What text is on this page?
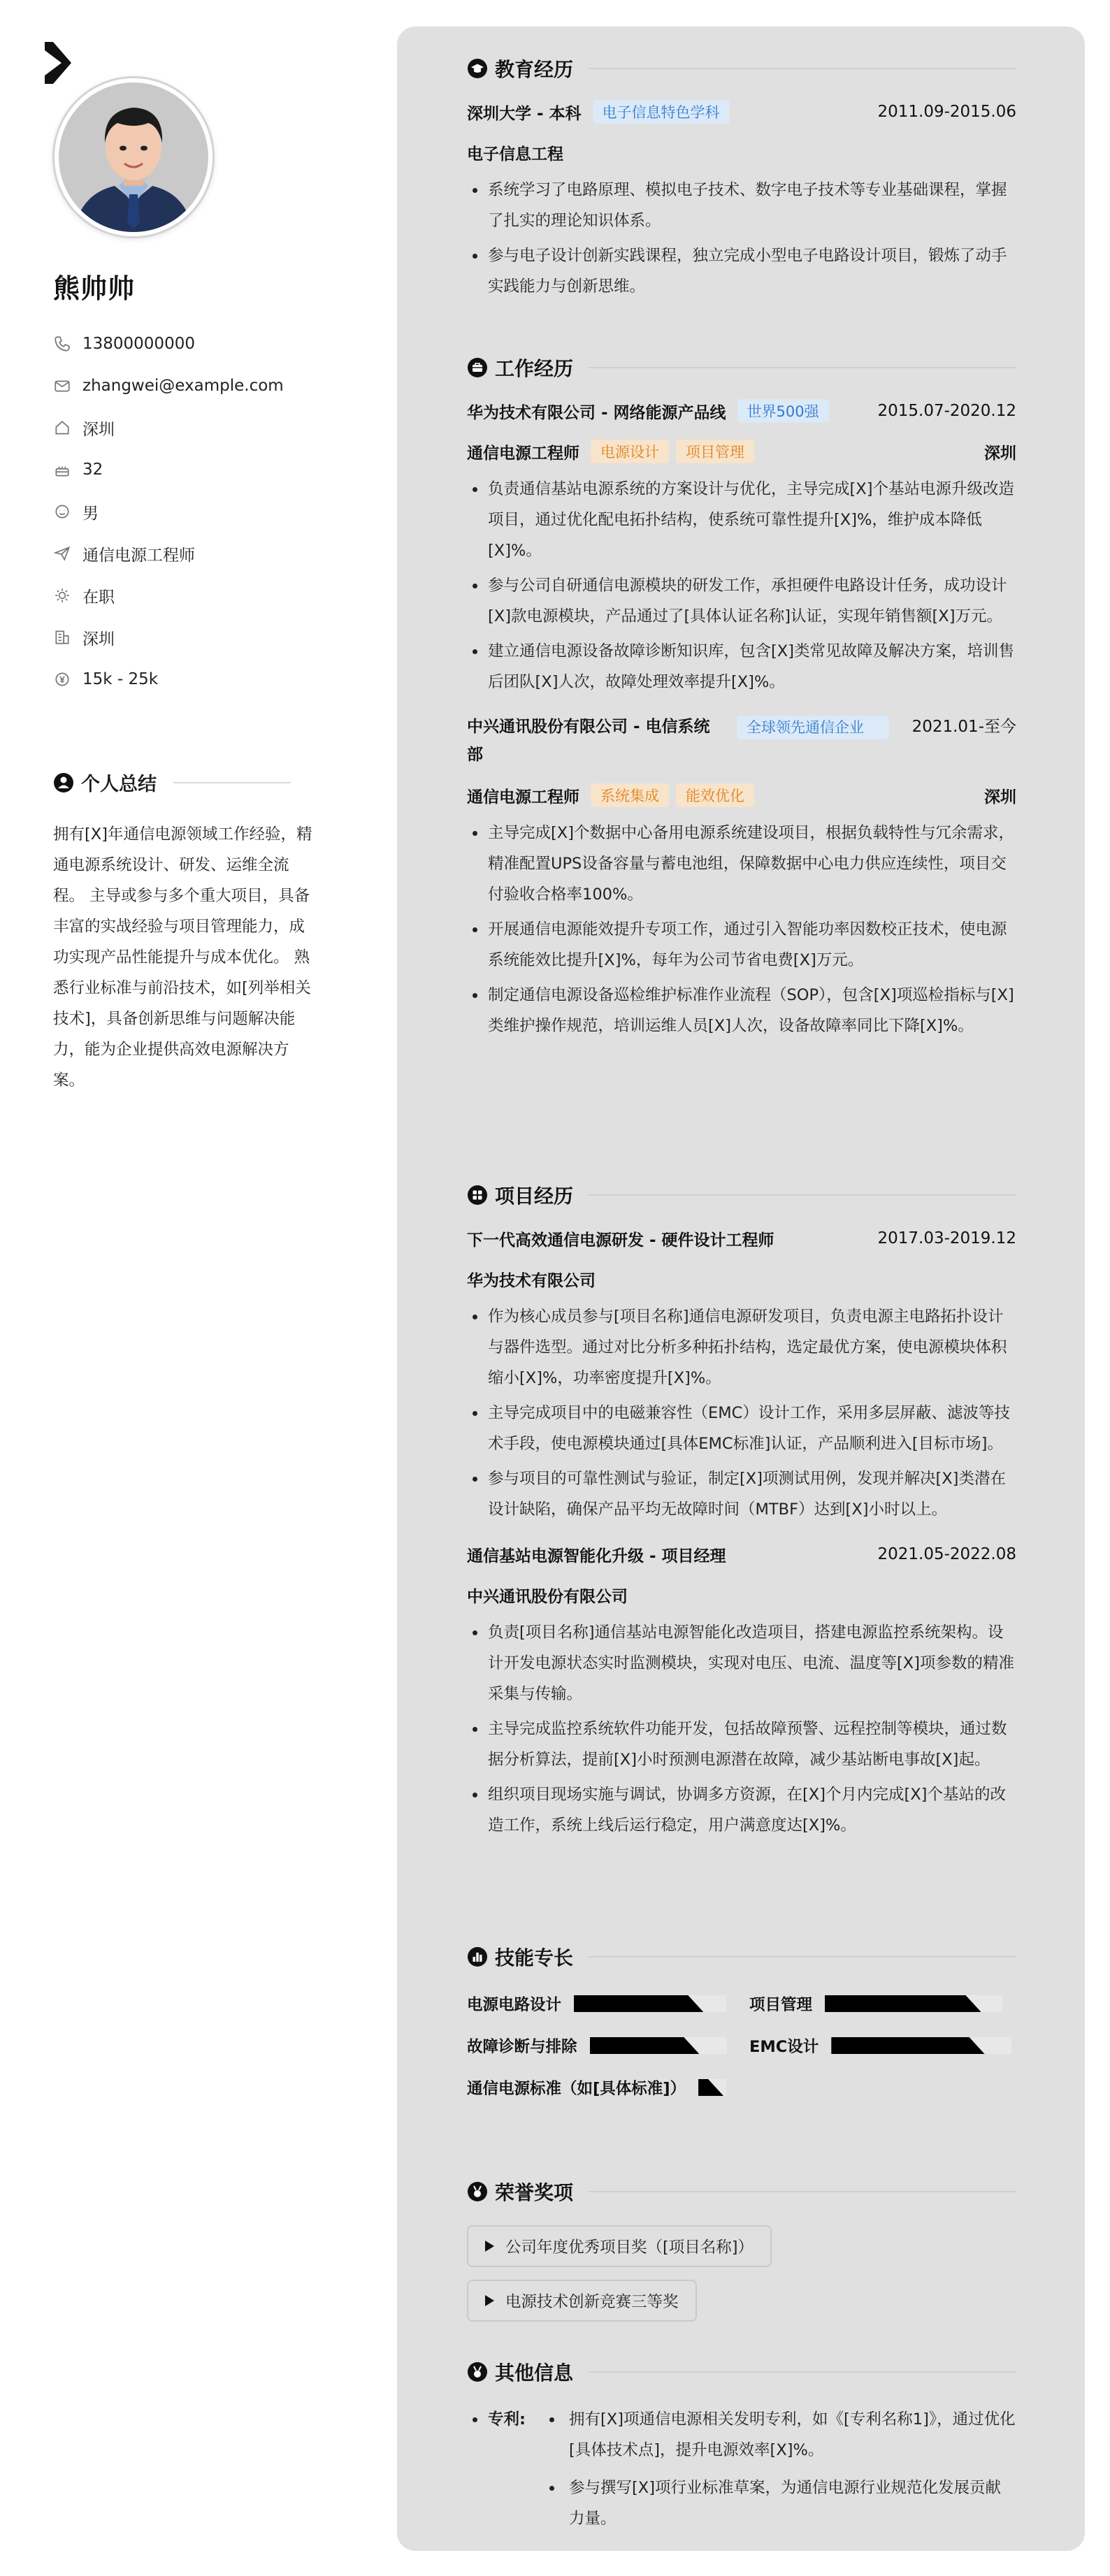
熊帅帅
13800000000
zhangwei@example.com
深圳
32
男
通信电源工程师
在职
深圳
15k - 25k
个人总结

拥有[X]年通信电源领域工作经验，精通电源系统设计、研发、运维全流程。 主导或参与多个重大项目，具备丰富的实战经验与项目管理能力，成功实现产品性能提升与成本优化。 熟悉行业标准与前沿技术，如[列举相关技术]，具备创新思维与问题解决能力，能为企业提供高效电源解决方案。

教育经历
深圳大学 - 本科	电子信息特色学科	2011.09-2015.06
电子信息工程
系统学习了电路原理、模拟电子技术、数字电子技术等专业基础课程，掌握了扎实的理论知识体系。
参与电子设计创新实践课程，独立完成小型电子电路设计项目，锻炼了动手实践能力与创新思维。
工作经历
华为技术有限公司 - 网络能源产品线	世界500强	2015.07-2020.12
通信电源工程师	电源设计	项目管理	深圳
负责通信基站电源系统的方案设计与优化，主导完成[X]个基站电源升级改造项目，通过优化配电拓扑结构，使系统可靠性提升[X]%，维护成本降低[X]%。
参与公司自研通信电源模块的研发工作，承担硬件电路设计任务，成功设计[X]款电源模块，产品通过了[具体认证名称]认证，实现年销售额[X]万元。
建立通信电源设备故障诊断知识库，包含[X]类常见故障及解决方案，培训售后团队[X]人次，故障处理效率提升[X]%。
中兴通讯股份有限公司 - 电信系统部
全球领先通信企业	2021.01-至今
通信电源工程师	系统集成	能效优化	深圳
主导完成[X]个数据中心备用电源系统建设项目，根据负载特性与冗余需求，精准配置UPS设备容量与蓄电池组，保障数据中心电力供应连续性，项目交付验收合格率100%。
开展通信电源能效提升专项工作，通过引入智能功率因数校正技术，使电源系统能效比提升[X]%，每年为公司节省电费[X]万元。
制定通信电源设备巡检维护标准作业流程（SOP），包含[X]项巡检指标与[X]类维护操作规范，培训运维人员[X]人次，设备故障率同比下降[X]%。
项目经历
下一代高效通信电源研发 - 硬件设计工程师	2017.03-2019.12
华为技术有限公司
作为核心成员参与[项目名称]通信电源研发项目，负责电源主电路拓扑设计与器件选型。通过对比分析多种拓扑结构，选定最优方案，使电源模块体积缩小[X]%，功率密度提升[X]%。
主导完成项目中的电磁兼容性（EMC）设计工作，采用多层屏蔽、滤波等技术手段，使电源模块通过[具体EMC标准]认证，产品顺利进入[目标市场]。
参与项目的可靠性测试与验证，制定[X]项测试用例，发现并解决[X]类潜在设计缺陷，确保产品平均无故障时间（MTBF）达到[X]小时以上。
通信基站电源智能化升级 - 项目经理	2021.05-2022.08
中兴通讯股份有限公司
负责[项目名称]通信基站电源智能化改造项目，搭建电源监控系统架构。设计开发电源状态实时监测模块，实现对电压、电流、温度等[X]项参数的精准采集与传输。
主导完成监控系统软件功能开发，包括故障预警、远程控制等模块，通过数据分析算法，提前[X]小时预测电源潜在故障，减少基站断电事故[X]起。
组织项目现场实施与调试，协调多方资源，在[X]个月内完成[X]个基站的改造工作，系统上线后运行稳定，用户满意度达[X]%。
技能专长
电源电路设计	项目管理
故障诊断与排除	EMC设计
通信电源标准（如[具体标准]）
荣誉奖项
公司年度优秀项目奖（[项目名称]）

电源技术创新竞赛三等奖
其他信息
专利:	拥有[X]项通信电源相关发明专利，如《[专利名称1]》，通过优化[具体技术点]，提升电源效率[X]%。
参与撰写[X]项行业标准草案，为通信电源行业规范化发展贡献力量。
